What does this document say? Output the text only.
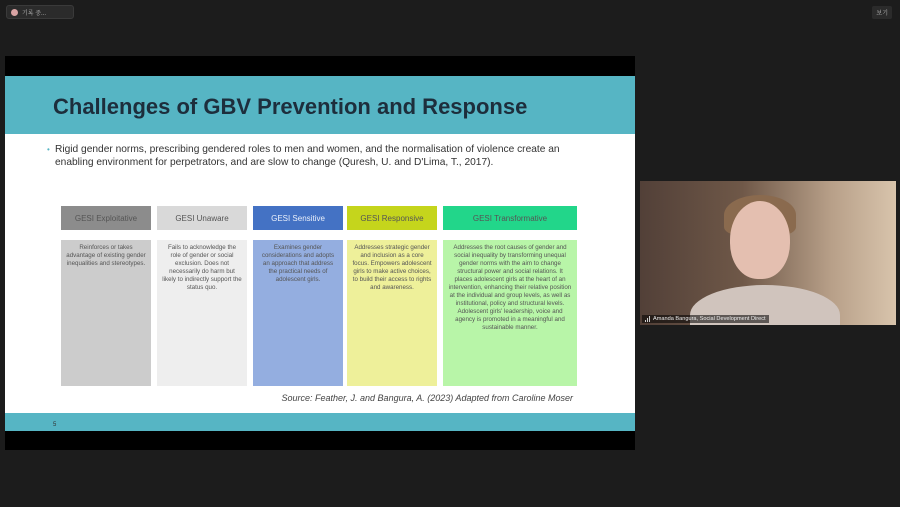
기록 중...	보기
Challenges of GBV Prevention and Response
• Rigid gender norms, prescribing gendered roles to men and women, and the normalisation of violence create an enabling environment for perpetrators, and are slow to change (Quresh, U. and D'Lima, T., 2017).
GESI Exploitative
Reinforces or takes advantage of existing gender inequalities and stereotypes.
GESI Unaware
Fails to acknowledge the role of gender or social exclusion. Does not necessarily do harm but likely to indirectly support the status quo.
GESI Sensitive
Examines gender considerations and adopts an approach that address the practical needs of adolescent girls.
GESI Responsive
Addresses strategic gender and inclusion as a core focus. Empowers adolescent girls to make active choices, to build their access to rights and awareness.
GESI Transformative
Addresses the root causes of gender and social inequality by transforming unequal gender norms with the aim to change structural power and social relations. It places adolescent girls at the heart of an intervention, enhancing their relative position at the individual and group levels, as well as institutional, policy and structural levels. Adolescent girls' leadership, voice and agency is promoted in a meaningful and sustainable manner.
Source: Feather, J. and Bangura, A. (2023) Adapted from Caroline Moser
5
Amanda Bangura, Social Development Direct
